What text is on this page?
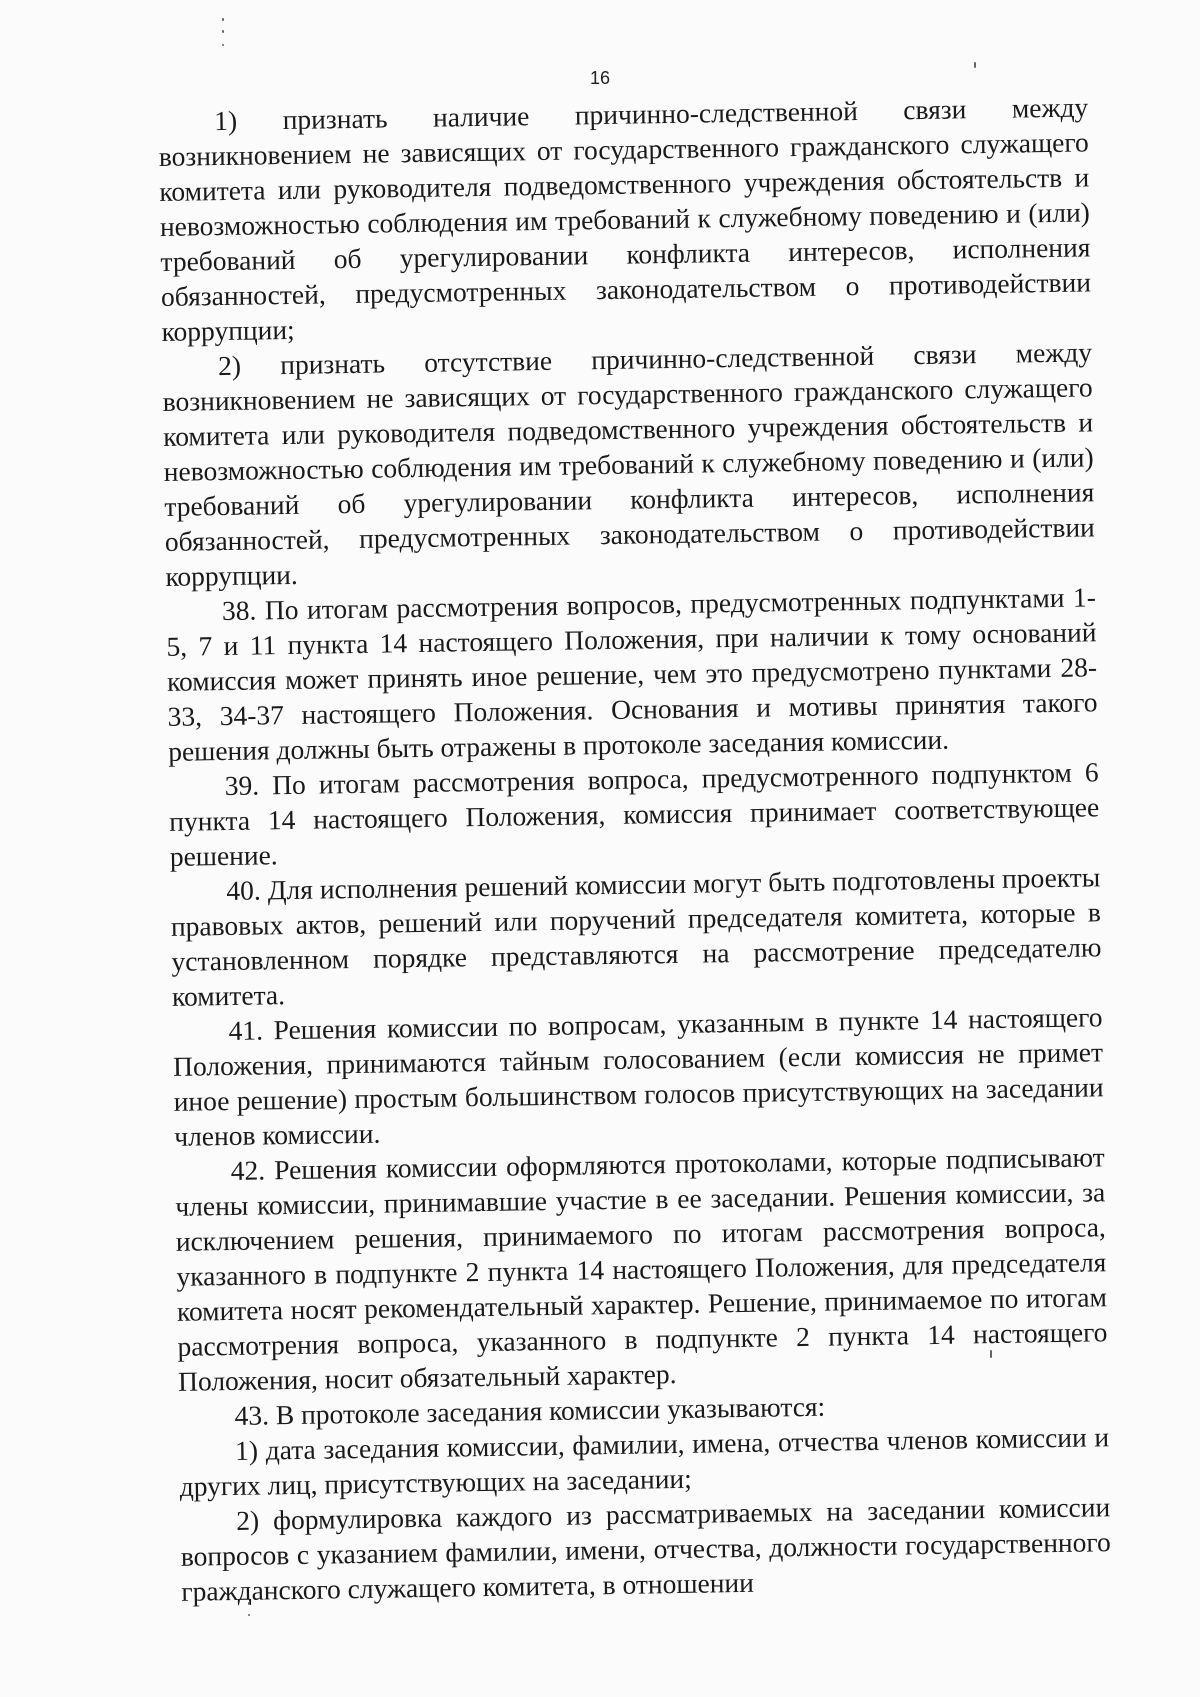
16

1) признать наличие причинно-следственной связи между возникновением не зависящих от государственного гражданского служащего комитета или руководителя подведомственного учреждения обстоятельств и невозможностью соблюдения им требований к служебному поведению и (или) требований об урегулировании конфликта интересов, исполнения обязанностей, предусмотренных законодательством о противодействии коррупции;

2) признать отсутствие причинно-следственной связи между возникновением не зависящих от государственного гражданского служащего комитета или руководителя подведомственного учреждения обстоятельств и невозможностью соблюдения им требований к служебному поведению и (или) требований об урегулировании конфликта интересов, исполнения обязанностей, предусмотренных законодательством о противодействии коррупции.

38. По итогам рассмотрения вопросов, предусмотренных подпунктами 1-5, 7 и 11 пункта 14 настоящего Положения, при наличии к тому оснований комиссия может принять иное решение, чем это предусмотрено пунктами 28-33, 34-37 настоящего Положения. Основания и мотивы принятия такого решения должны быть отражены в протоколе заседания комиссии.

39. По итогам рассмотрения вопроса, предусмотренного подпунктом 6 пункта 14 настоящего Положения, комиссия принимает соответствующее решение.

40. Для исполнения решений комиссии могут быть подготовлены проекты правовых актов, решений или поручений председателя комитета, которые в установленном порядке представляются на рассмотрение председателю комитета.

41. Решения комиссии по вопросам, указанным в пункте 14 настоящего Положения, принимаются тайным голосованием (если комиссия не примет иное решение) простым большинством голосов присутствующих на заседании членов комиссии.

42. Решения комиссии оформляются протоколами, которые подписывают члены комиссии, принимавшие участие в ее заседании. Решения комиссии, за исключением решения, принимаемого по итогам рассмотрения вопроса, указанного в подпункте 2 пункта 14 настоящего Положения, для председателя комитета носят рекомендательный характер. Решение, принимаемое по итогам рассмотрения вопроса, указанного в подпункте 2 пункта 14 настоящего Положения, носит обязательный характер.

43. В протоколе заседания комиссии указываются:

1) дата заседания комиссии, фамилии, имена, отчества членов комиссии и других лиц, присутствующих на заседании;

2) формулировка каждого из рассматриваемых на заседании комиссии вопросов с указанием фамилии, имени, отчества, должности государственного гражданского служащего комитета, в отношении
